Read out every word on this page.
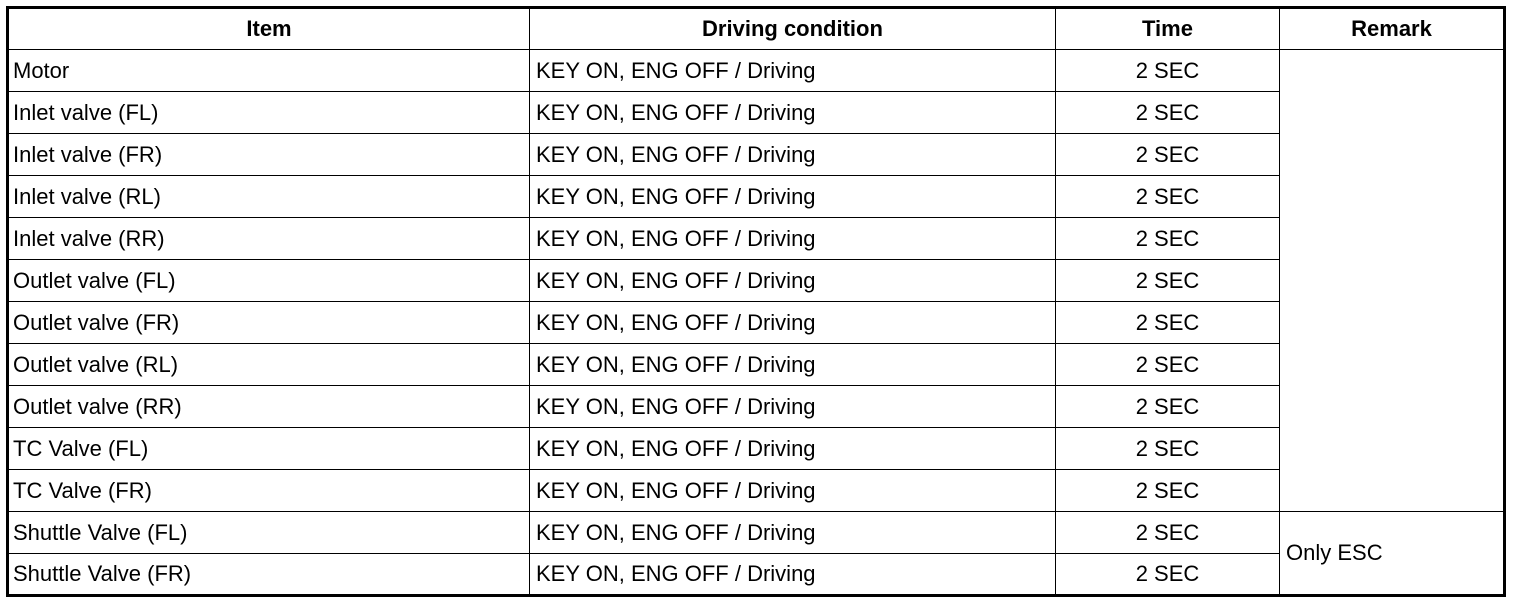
Item	Driving condition	Time	Remark
Motor	KEY ON, ENG OFF / Driving	2 SEC	
Inlet valve (FL)	KEY ON, ENG OFF / Driving	2 SEC	
Inlet valve (FR)	KEY ON, ENG OFF / Driving	2 SEC	
Inlet valve (RL)	KEY ON, ENG OFF / Driving	2 SEC	
Inlet valve (RR)	KEY ON, ENG OFF / Driving	2 SEC	
Outlet valve (FL)	KEY ON, ENG OFF / Driving	2 SEC	
Outlet valve (FR)	KEY ON, ENG OFF / Driving	2 SEC	
Outlet valve (RL)	KEY ON, ENG OFF / Driving	2 SEC	
Outlet valve (RR)	KEY ON, ENG OFF / Driving	2 SEC	
TC Valve (FL)	KEY ON, ENG OFF / Driving	2 SEC	
TC Valve (FR)	KEY ON, ENG OFF / Driving	2 SEC	
Shuttle Valve (FL)	KEY ON, ENG OFF / Driving	2 SEC	Only ESC
Shuttle Valve (FR)	KEY ON, ENG OFF / Driving	2 SEC	
